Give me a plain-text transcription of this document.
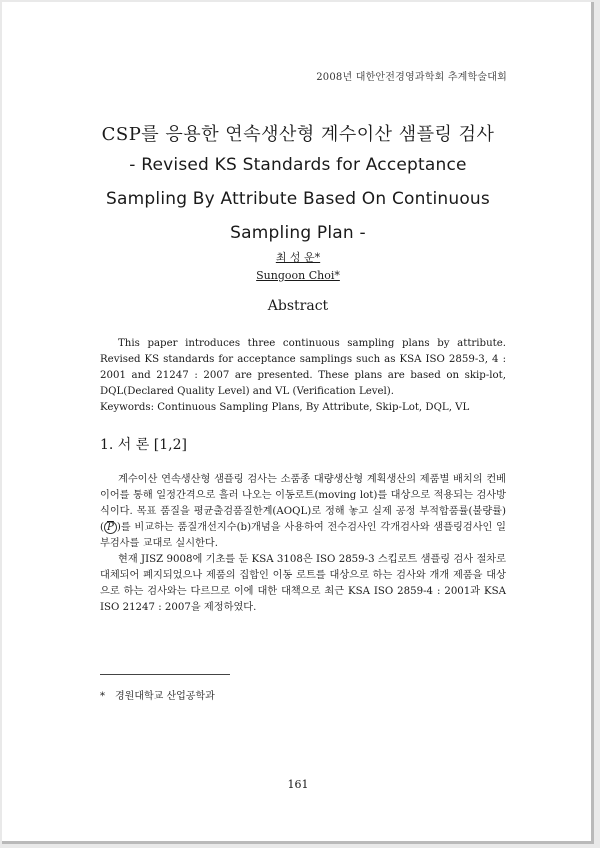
2008년 대한안전경영과학회 추계학술대회
CSP를 응용한 연속생산형 계수이산 샘플링 검사
- Revised KS Standards for Acceptance
Sampling By Attribute Based On Continuous
Sampling Plan -
최 성 운*
Sungoon Choi*
Abstract

This paper introduces three continuous sampling plans by attribute. Revised KS standards for acceptance samplings such as KSA ISO 2859-3, 4 : 2001 and 21247 : 2007 are presented. These plans are based on skip-lot, DQL(Declared Quality Level) and VL (Verification Level).

Keywords: Continuous Sampling Plans, By Attribute, Skip-Lot, DQL, VL

1. 서 론 [1,2]

계수이산 연속생산형 샘플링 검사는 소품종 대량생산형 계획생산의 제품별 배치의 컨베이어를 통해 일정간격으로 흘러 나오는 이동로트(moving lot)를 대상으로 적용되는 검사방식이다. 목표 품질을 평균출검품질한계(AOQL)로 정해 놓고 실제 공정 부적합품률(불량률)( $\overline{P}$ )를 비교하는 품질개선지수(b)개념을 사용하여 전수검사인 각개검사와 샘플링검사인 일부검사를 교대로 실시한다.

현재 JISZ 9008에 기초를 둔 KSA 3108은 ISO 2859-3 스킵로트 샘플링 검사 절차로 대체되어 폐지되었으나 제품의 집합인 이동 로트를 대상으로 하는 검사와 개개 제품을 대상으로 하는 검사와는 다르므로 이에 대한 대책으로 최근 KSA ISO 2859-4 : 2001과 KSA ISO 21247 : 2007을 제정하였다.

* 경원대학교 산업공학과
161
